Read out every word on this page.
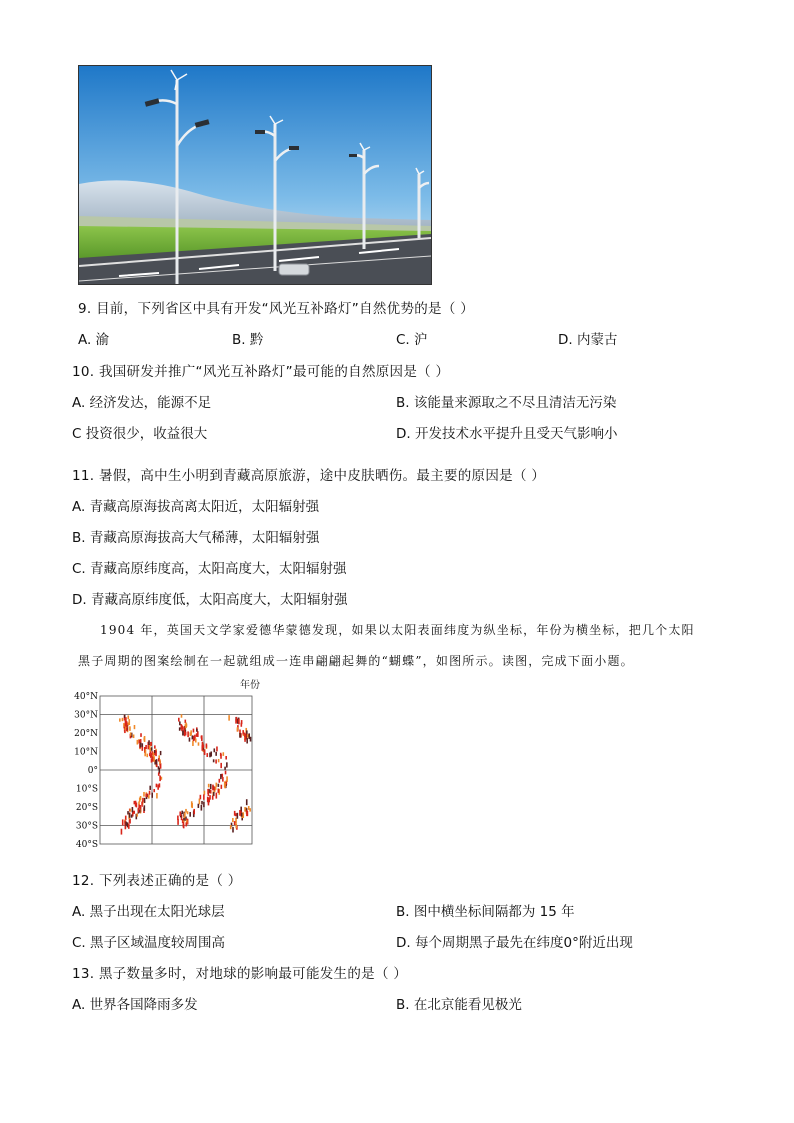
9. 目前，下列省区中具有开发“风光互补路灯”自然优势的是（ ）
A. 渝	B. 黔	C. 沪	D. 内蒙古
10. 我国研发并推广“风光互补路灯”最可能的自然原因是（ ）
A. 经济发达，能源不足	B. 该能量来源取之不尽且清洁无污染
C 投资很少，收益很大	D. 开发技术水平提升且受天气影响小
11. 暑假，高中生小明到青藏高原旅游，途中皮肤晒伤。最主要的原因是（ ）
A. 青藏高原海拔高离太阳近，太阳辐射强
B. 青藏高原海拔高大气稀薄，太阳辐射强
C. 青藏高原纬度高，太阳高度大，太阳辐射强
D. 青藏高原纬度低，太阳高度大，太阳辐射强
1904 年，英国天文学家爱德华蒙德发现，如果以太阳表面纬度为纵坐标，年份为横坐标，把几个太阳
黑子周期的图案绘制在一起就组成一连串翩翩起舞的“蝴蝶”，如图所示。读图，完成下面小题。
年份
40°N
30°N
20°N
10°N
0°
10°S
20°S
30°S
40°S
12. 下列表述正确的是（ ）
A. 黑子出现在太阳光球层	B. 图中横坐标间隔都为 15 年
C. 黑子区域温度较周围高	D. 每个周期黑子最先在纬度0°附近出现
13. 黑子数量多时，对地球的影响最可能发生的是（ ）
A. 世界各国降雨多发	B. 在北京能看见极光
